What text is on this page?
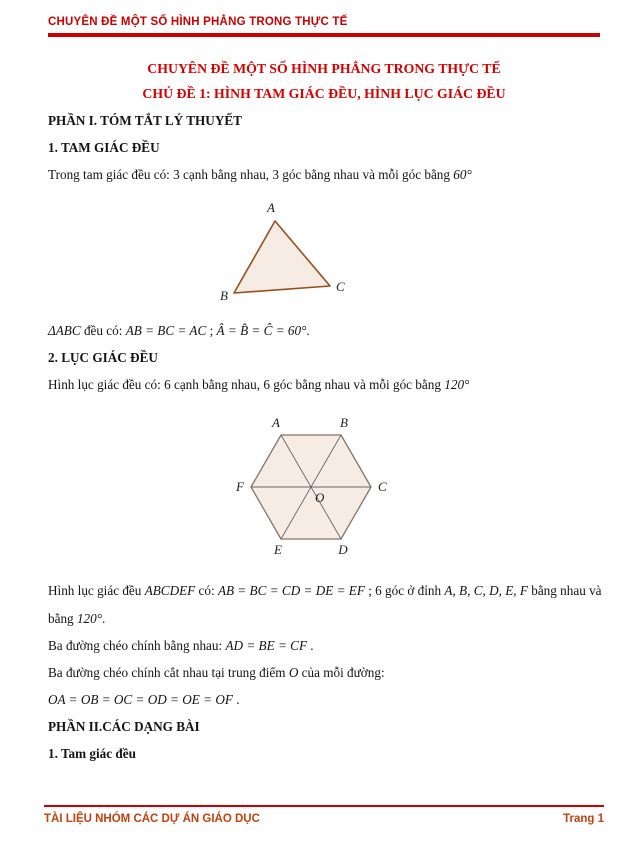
CHUYÊN ĐỀ MỘT SỐ HÌNH PHẲNG TRONG THỰC TẾ
CHUYÊN ĐỀ MỘT SỐ HÌNH PHẲNG TRONG THỰC TẾ
CHỦ ĐỀ 1: HÌNH TAM GIÁC ĐỀU, HÌNH LỤC GIÁC ĐỀU
PHẦN I. TÓM TẮT LÝ THUYẾT
1. TAM GIÁC ĐỀU
Trong tam giác đều có: 3 cạnh bằng nhau, 3 góc bằng nhau và mỗi góc bằng 60°
A
B
C
ΔABC đều có: AB = BC = AC ; Â = B̂ = Ĉ = 60°.
2. LỤC GIÁC ĐỀU
Hình lục giác đều có: 6 cạnh bằng nhau, 6 góc bằng nhau và mỗi góc bằng 120°
A	B
C
D
E
F
O
Hình lục giác đều ABCDEF có: AB = BC = CD = DE = EF ; 6 góc ở đỉnh A, B, C, D, E, F bằng nhau và
bằng 120°.
Ba đường chéo chính bằng nhau: AD = BE = CF .
Ba đường chéo chính cắt nhau tại trung điểm O của mỗi đường:
OA = OB = OC = OD = OE = OF .
PHẦN II.CÁC DẠNG BÀI
1. Tam giác đều
TÀI LIỆU NHÓM CÁC DỰ ÁN GIÁO DỤC	Trang 1
